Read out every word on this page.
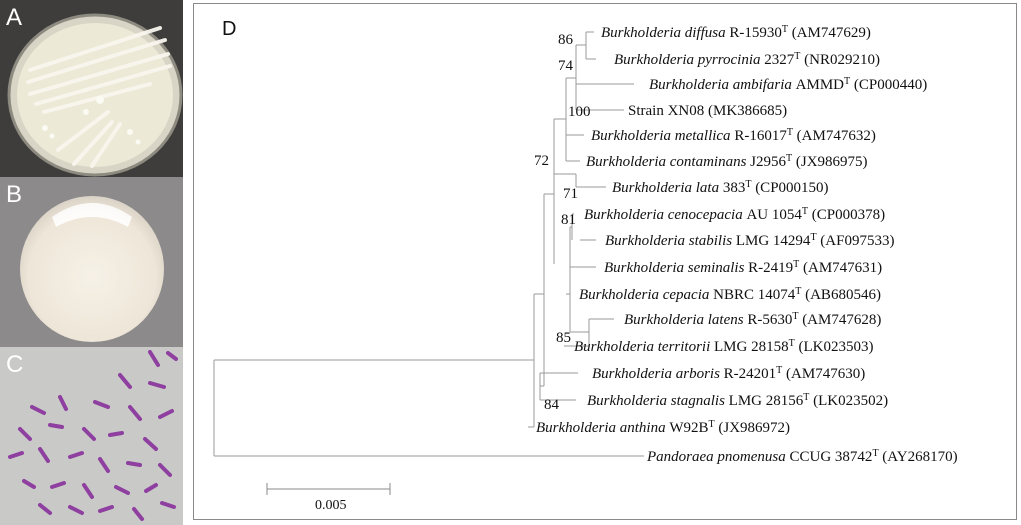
A
B
C
D	Burkholderia diffusa $R-15930^T$ (AM747629)
Burkholderia pyrrocinia $2327^T$ (NR029210)
Burkholderia ambifaria $AMMD^T$ (CP000440)
Strain XN08 (MK386685)
Burkholderia metallica $R-16017^T$ (AM747632)
Burkholderia contaminans $J2956^T$ (JX986975)
Burkholderia lata $383^T$ (CP000150)
Burkholderia cenocepacia AU $1054^T$ (CP000378)
Burkholderia stabilis LMG $14294^T$ (AF097533)
Burkholderia seminalis $R-2419^T$ (AM747631)
Burkholderia cepacia NBRC $14074^T$ (AB680546)
Burkholderia latens $R-5630^T$ (AM747628)
Burkholderia territorii LMG $28158^T$ (LK023503)
Burkholderia arboris $R-24201^T$ (AM747630)
Burkholderia stagnalis LMG $28156^T$ (LK023502)
Burkholderia anthina $W92B^T$ (JX986972)
Pandoraea pnomenusa CCUG $38742^T$ (AY268170)
86
74
100
72
71
81
85
84
0.005
